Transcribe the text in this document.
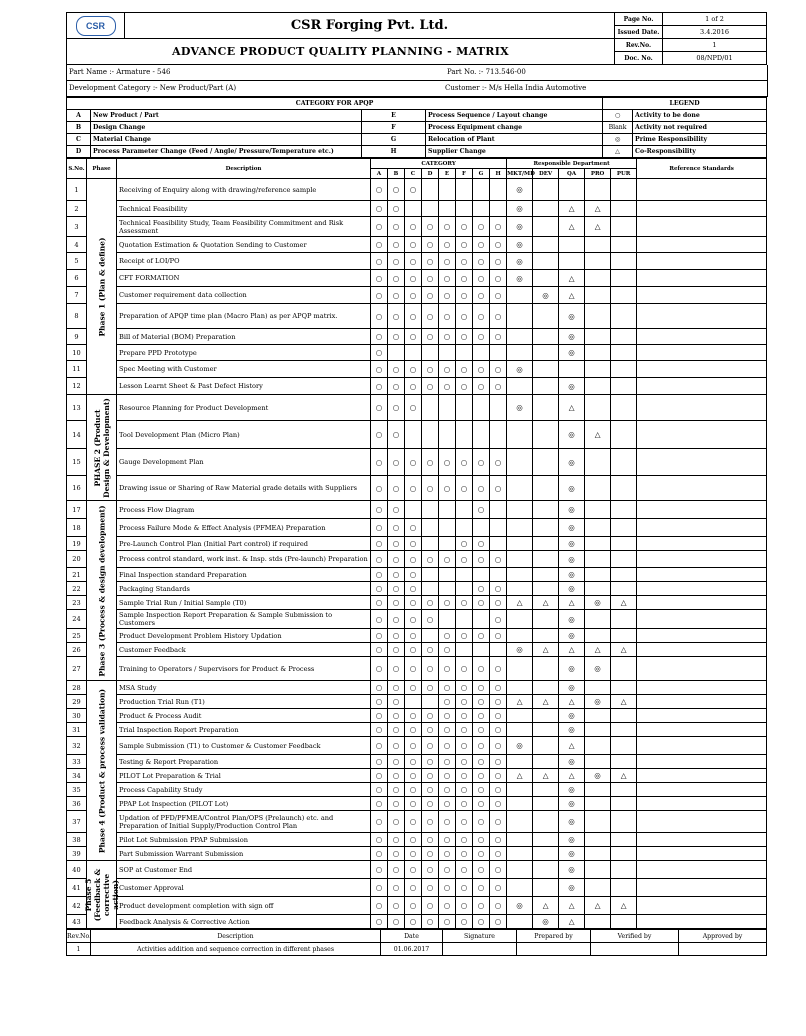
CSR	CSR Forging Pvt. Ltd.	Page No.	1 of 2
		Issued Date.	3.4.2016
ADVANCE PRODUCT QUALITY PLANNING - MATRIX		Rev.No.	1
		Doc. No.	08/NPD/01
Part Name :- Armature - 546	Part No. :- 713.546-00
Development Category :- New Product/Part (A)	Customer :- M/s Hella India Automotive
CATEGORY FOR APQP				LEGEND	
A	New Product / Part	E	Process Sequence / Layout change	○	Activity to be done
B	Design Change	F	Process Equipment change	Blank	Activity not required
C	Material Change	G	Relocation of Plant	◎	Prime Responsibility
D	Process Parameter Change (Feed / Angle/ Pressure/Temperature etc.)	H	Supplier Change	△	Co-Responsibility
S.No.	Phase	Description	CATEGORY								Responsible Department					Reference Standards
			A	B	C	D	E	F	G	H	MKT/MD	DEV	QA	PRO	PUR	
1	Phase 1 (Plan & define)	Receiving of Enquiry along with drawing/reference sample	○	○	○						◎					
2		Technical Feasibility	○	○							◎		△	△		
3		Technical Feasibility Study, Team Feasibility Commitment and Risk Assessment	○	○	○	○	○	○	○	○	◎		△	△		
4		Quotation Estimation & Quotation Sending to Customer	○	○	○	○	○	○	○	○	◎					
5		Receipt of LOI/PO	○	○	○	○	○	○	○	○	◎					
6		CFT FORMATION	○	○	○	○	○	○	○	○	◎		△			
7		Customer requirement data collection	○	○	○	○	○	○	○	○		◎	△			
8		Preparation of APQP time plan (Macro Plan) as per APQP matrix.	○	○	○	○	○	○	○	○			◎			
9		Bill of Material (BOM) Preparation	○	○	○	○	○	○	○	○			◎			
10		Prepare PPD Prototype	○										◎			
11		Spec Meeting with Customer	○	○	○	○	○	○	○	○	◎					
12		Lesson Learnt Sheet & Past Defect History	○	○	○	○	○	○	○	○			◎			
13	PHASE 2 (Product Design & Development)	Resource Planning for Product Development	○	○	○						◎		△			
14		Tool Development Plan (Micro Plan)	○	○									◎	△		
15		Gauge Development Plan	○	○	○	○	○	○	○	○			◎			
16		Drawing issue or Sharing of Raw Material grade details with Suppliers	○	○	○	○	○	○	○	○			◎			
17	Phase 3 (Process & design development)	Process Flow Diagram	○	○					○				◎			
18		Process Failure Mode & Effect Analysis (PFMEA) Preparation	○	○	○								◎			
19		Pre-Launch Control Plan (Initial Part control) if required	○	○	○			○	○				◎			
20		Process control standard, work inst. & Insp. stds (Pre-launch) Preparation	○	○	○	○	○	○	○	○			◎			
21		Final Inspection standard Preparation	○	○	○								◎			
22		Packaging Standards	○	○	○				○	○			◎			
23		Sample Trial Run / Initial Sample (T0)	○	○	○	○	○	○	○	○	△	△	△	◎	△	
24		Sample Inspection Report Preparation & Sample Submission to Customers	○	○	○	○				○			◎			
25		Product Development Problem History Updation	○	○	○		○	○	○	○			◎			
26		Customer Feedback	○	○	○	○	○				◎	△	△	△	△	
27		Training to Operators / Supervisors for Product & Process	○	○	○	○	○	○	○	○			◎	◎		
28	Phase 4 (Product & process validation)	MSA Study	○	○	○	○	○	○	○	○			◎			
29		Production Trial Run (T1)	○	○			○	○	○	○	△	△	△	◎	△	
30		Product & Process Audit	○	○	○	○	○	○	○	○			◎			
31		Trial Inspection Report Preparation	○	○	○	○	○	○	○	○			◎			
32		Sample Submission (T1) to Customer & Customer Feedback	○	○	○	○	○	○	○	○	◎		△			
33		Testing & Report Preparation	○	○	○	○	○	○	○	○			◎			
34		PILOT Lot Preparation & Trial	○	○	○	○	○	○	○	○	△	△	△	◎	△	
35		Process Capability Study	○	○	○	○	○	○	○	○			◎			
36		PPAP Lot Inspection (PILOT Lot)	○	○	○	○	○	○	○	○			◎			
37		Updation of PFD/PFMEA/Control Plan/OPS (Prelaunch) etc. and Preparation of Initial Supply/Production Control Plan	○	○	○	○	○	○	○	○			◎			
38		Pilot Lot Submission PPAP Submission	○	○	○	○	○	○	○	○			◎			
39		Part Submission Warrant Submission	○	○	○	○	○	○	○	○			◎			
40	Phase 5 (Feedback & corrective action)	SOP at Customer End	○	○	○	○	○	○	○	○			◎			
41		Customer Approval	○	○	○	○	○	○	○	○			◎			
42		Product development completion with sign off	○	○	○	○	○	○	○	○	◎	△	△	△	△	
43		Feedback Analysis & Corrective Action	○	○	○	○	○	○	○	○		◎	△			
Rev.No.	Description	Date	Signature	Prepared by	Verified by	Approved by
1	Activities addition and sequence correction in different phases	01.06.2017				
